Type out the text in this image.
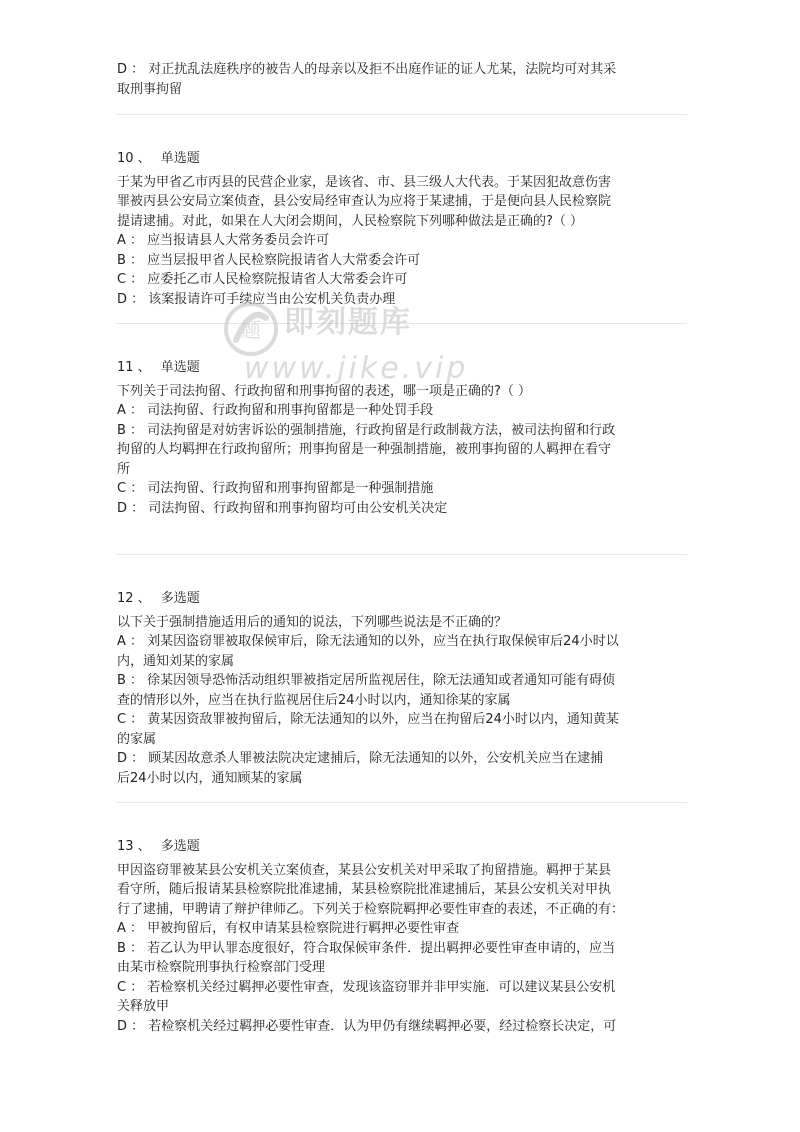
D ： 对正扰乱法庭秩序的被告人的母亲以及拒不出庭作证的证人尤某，法院均可对其采
取刑事拘留
10 、 单选题
于某为甲省乙市丙县的民营企业家，是该省、市、县三级人大代表。于某因犯故意伤害
罪被丙县公安局立案侦查，县公安局经审查认为应将于某逮捕，于是便向县人民检察院
提请逮捕。对此，如果在人大闭会期间，人民检察院下列哪种做法是正确的?（ ）
A ： 应当报请县人大常务委员会许可
B ： 应当层报甲省人民检察院报请省人大常委会许可
C ： 应委托乙市人民检察院报请省人大常委会许可
D ： 该案报请许可手续应当由公安机关负责办理
11 、 单选题
下列关于司法拘留、行政拘留和刑事拘留的表述，哪一项是正确的?（ ）
A ： 司法拘留、行政拘留和刑事拘留都是一种处罚手段
B ： 司法拘留是对妨害诉讼的强制措施，行政拘留是行政制裁方法，被司法拘留和行政
拘留的人均羁押在行政拘留所；刑事拘留是一种强制措施，被刑事拘留的人羁押在看守
所
C ： 司法拘留、行政拘留和刑事拘留都是一种强制措施
D ： 司法拘留、行政拘留和刑事拘留均可由公安机关决定
12 、 多选题
以下关于强制措施适用后的通知的说法，下列哪些说法是不正确的？
A ： 刘某因盗窃罪被取保候审后，除无法通知的以外，应当在执行取保候审后24小时以
内，通知刘某的家属
B ： 徐某因领导恐怖活动组织罪被指定居所监视居住，除无法通知或者通知可能有碍侦
查的情形以外，应当在执行监视居住后24小时以内，通知徐某的家属
C ： 黄某因资敌罪被拘留后，除无法通知的以外，应当在拘留后24小时以内，通知黄某
的家属
D ： 顾某因故意杀人罪被法院决定逮捕后，除无法通知的以外，公安机关应当在逮捕
后24小时以内，通知顾某的家属
13 、 多选题
甲因盗窃罪被某县公安机关立案侦查，某县公安机关对甲采取了拘留措施。羁押于某县
看守所，随后报请某县检察院批准逮捕，某县检察院批准逮捕后，某县公安机关对甲执
行了逮捕，甲聘请了辩护律师乙。下列关于检察院羁押必要性审查的表述，不正确的有：
A ： 甲被拘留后，有权申请某县检察院进行羁押必要性审查
B ： 若乙认为甲认罪态度很好，符合取保候审条件．提出羁押必要性审查申请的，应当
由某市检察院刑事执行检察部门受理
C ： 若检察机关经过羁押必要性审查，发现该盗窃罪并非甲实施．可以建议某县公安机
关释放甲
D ： 若检察机关经过羁押必要性审查．认为甲仍有继续羁押必要，经过检察长决定，可
题 即刻题库
www.jike.vip
